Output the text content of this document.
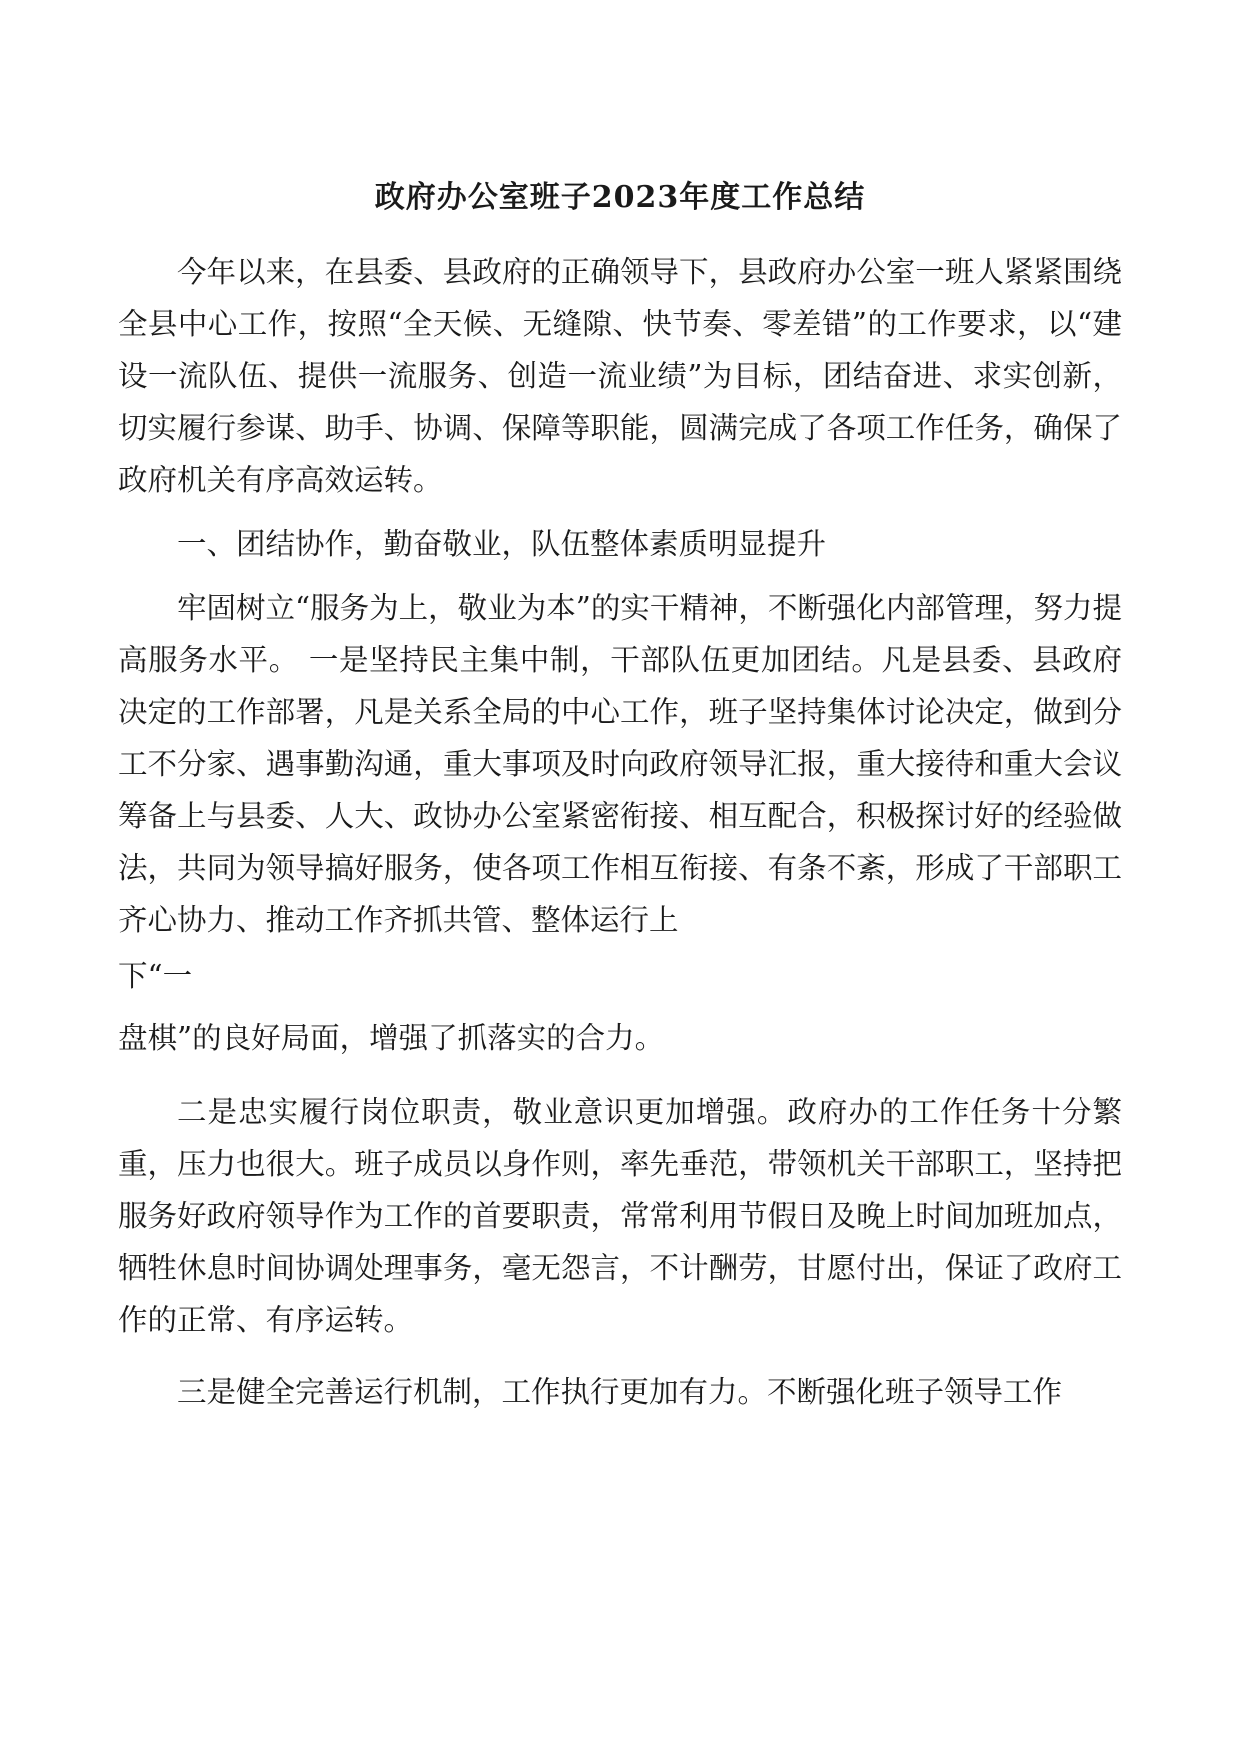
政府办公室班子2023年度工作总结

今年以来，在县委、县政府的正确领导下，县政府办公室一班人紧紧围绕全县中心工作，按照“全天候、无缝隙、快节奏、零差错”的工作要求，以“建设一流队伍、提供一流服务、创造一流业绩”为目标，团结奋进、求实创新，切实履行参谋、助手、协调、保障等职能，圆满完成了各项工作任务，确保了政府机关有序高效运转。

一、团结协作，勤奋敬业，队伍整体素质明显提升

牢固树立“服务为上，敬业为本”的实干精神，不断强化内部管理，努力提高服务水平。 一是坚持民主集中制，干部队伍更加团结。凡是县委、县政府决定的工作部署，凡是关系全局的中心工作，班子坚持集体讨论决定，做到分工不分家、遇事勤沟通，重大事项及时向政府领导汇报，重大接待和重大会议筹备上与县委、人大、政协办公室紧密衔接、相互配合，积极探讨好的经验做法，共同为领导搞好服务，使各项工作相互衔接、有条不紊，形成了干部职工齐心协力、推动工作齐抓共管、整体运行上

下“一

盘棋”的良好局面，增强了抓落实的合力。

二是忠实履行岗位职责，敬业意识更加增强。政府办的工作任务十分繁重，压力也很大。班子成员以身作则，率先垂范，带领机关干部职工，坚持把服务好政府领导作为工作的首要职责，常常利用节假日及晚上时间加班加点，牺牲休息时间协调处理事务，毫无怨言，不计酬劳，甘愿付出，保证了政府工作的正常、有序运转。

三是健全完善运行机制，工作执行更加有力。不断强化班子领导工作
